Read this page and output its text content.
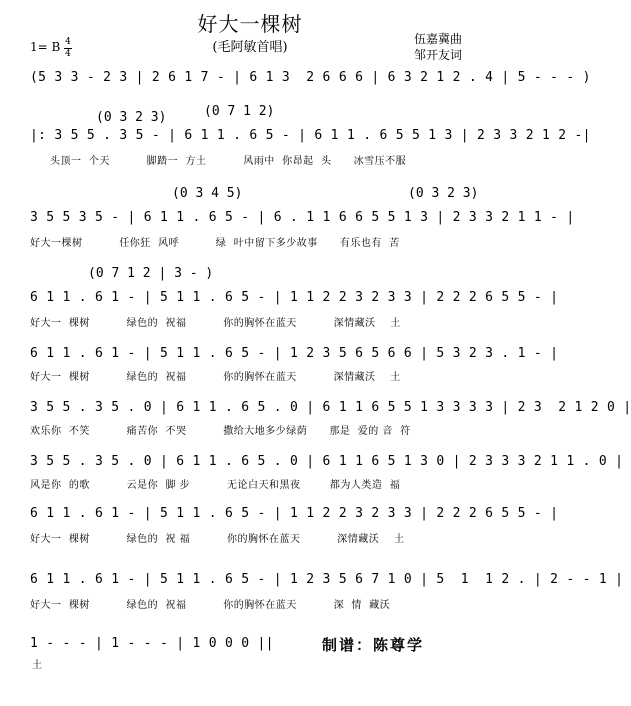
好大一棵树
(毛阿敏首唱)
伍嘉冀曲
邹开友词
1= B 4
4
(5 3 3 - 2 3 | 2 6 1 7 - | 6 1 3  2 6 6 6 | 6 3 2 1 2 . 4 | 5 - - - )
(0 3 2 3)	(0 7 1 2)
|: 3 5 5 . 3 5 - | 6 1 1 . 6 5 - | 6 1 1 . 6 5 5 1 3 | 2 3 3 2 1 2 -|
头顶一  个天          脚踏一  方土          风雨中  你昂起  头      冰雪压不服
(0 3 4 5)	(0 3 2 3)
3 5 5 3 5 - | 6 1 1 . 6 5 - | 6 . 1 1 6 6 5 5 1 3 | 2 3 3 2 1 1 - |
好大一棵树          任你狂  风呼          绿  叶中留下多少故事      有乐也有  苦
(0 7 1 2 | 3 - )
6 1 1 . 6 1 - | 5 1 1 . 6 5 - | 1 1 2 2 3 2 3 3 | 2 2 2 6 5 5 - |
好大一  棵树          绿色的  祝福          你的胸怀在蓝天          深情藏沃    土
6 1 1 . 6 1 - | 5 1 1 . 6 5 - | 1 2 3 5 6 5 6 6 | 5 3 2 3 . 1 - |
好大一  棵树          绿色的  祝福          你的胸怀在蓝天          深情藏沃    土
3 5 5 . 3 5 . 0 | 6 1 1 . 6 5 . 0 | 6 1 1 6 5 5 1 3 3 3 3 | 2 3  2 1 2 0 |
欢乐你  不笑          痛苦你  不哭          撒给大地多少绿荫      那是  爱的 音  符
3 5 5 . 3 5 . 0 | 6 1 1 . 6 5 . 0 | 6 1 1 6 5 1 3 0 | 2 3 3 3 2 1 1 . 0 |
风是你  的歌          云是你  脚 步          无论白天和黑夜        都为人类造  福
6 1 1 . 6 1 - | 5 1 1 . 6 5 - | 1 1 2 2 3 2 3 3 | 2 2 2 6 5 5 - |
好大一  棵树          绿色的  祝 福          你的胸怀在蓝天          深情藏沃    土
6 1 1 . 6 1 - | 5 1 1 . 6 5 - | 1 2 3 5 6 7 1 0 | 5  1  1 2 . | 2 - - 1 |
好大一  棵树          绿色的  祝福          你的胸怀在蓝天          深  情  藏沃
1 - - - | 1 - - - | 1 0 0 0 ||
土
制谱：陈尊学
